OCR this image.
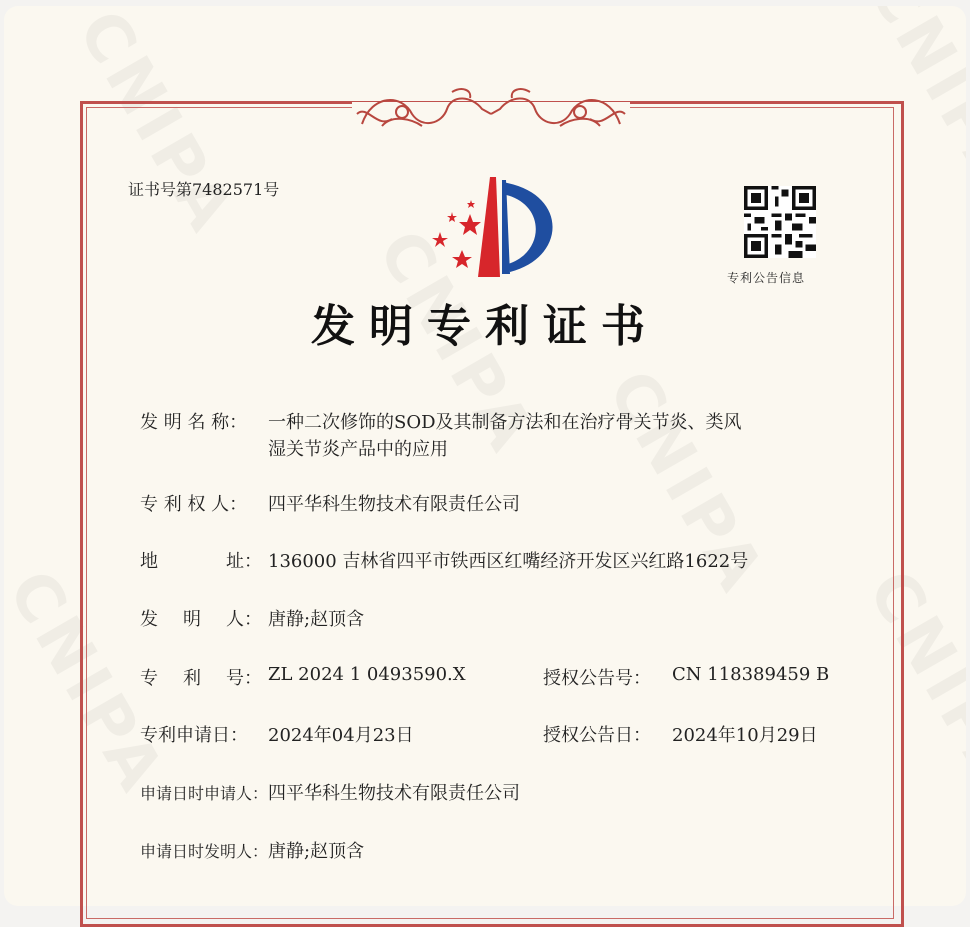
证书号第7482571号
专利公告信息
发明专利证书
发 明 名 称：	一种二次修饰的SOD及其制备方法和在治疗骨关节炎、类风
湿关节炎产品中的应用
专 利 权 人：	四平华科生物技术有限责任公司
地	址： 136000 吉林省四平市铁西区红嘴经济开发区兴红路1622号
发 明 人： 唐静;赵顶含
专 利 号： ZL 2024 1 0493590.X	授权公告号： CN 118389459 B
专利申请日：	2024年04月23日	授权公告日： 2024年10月29日
申请日时申请人： 四平华科生物技术有限责任公司
申请日时发明人： 唐静;赵顶含
